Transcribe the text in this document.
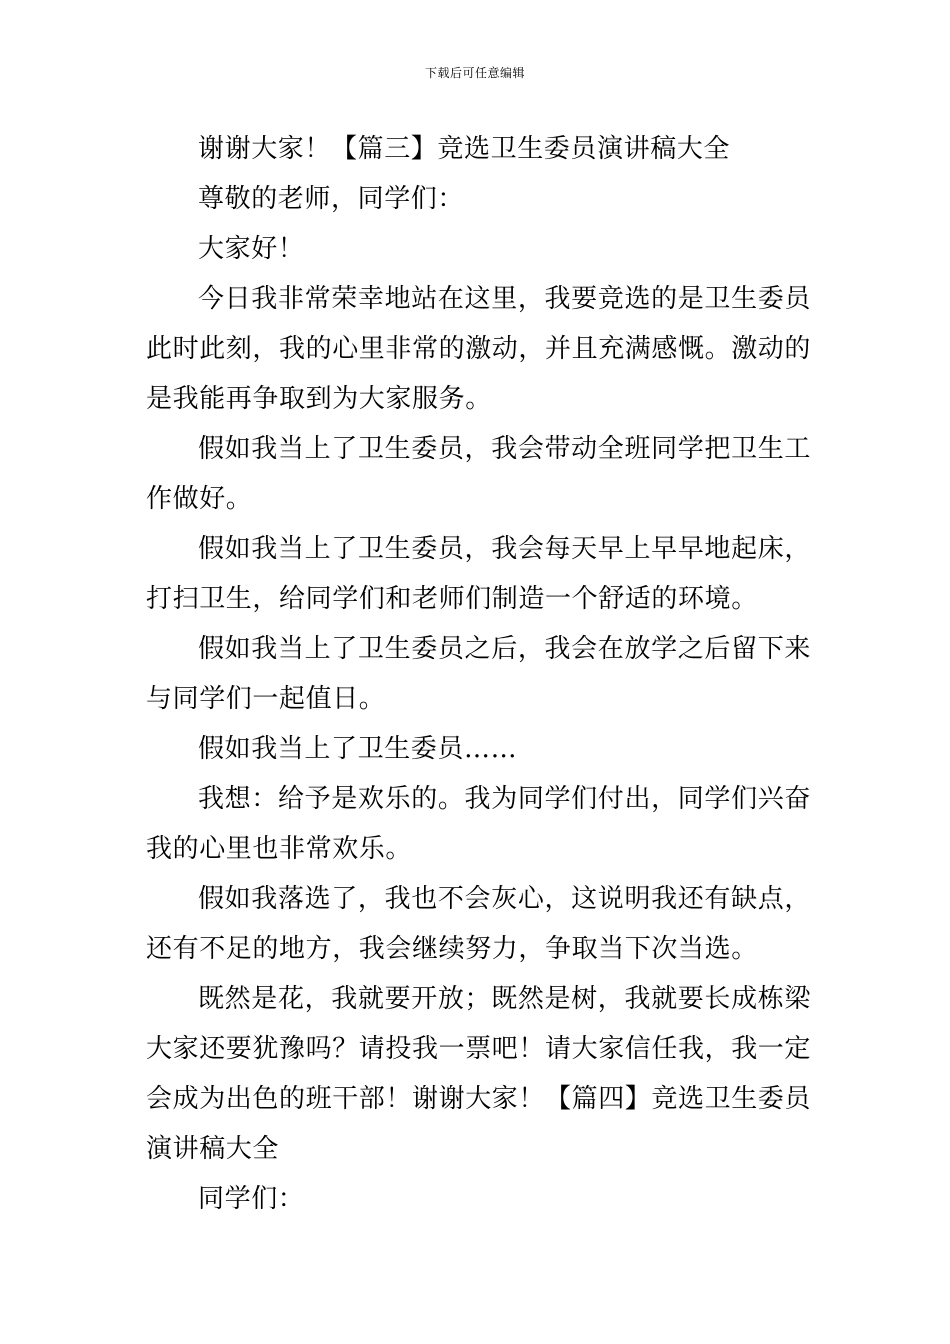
下载后可任意编辑

谢谢大家！【篇三】竞选卫生委员演讲稿大全

尊敬的老师，同学们：

大家好！

今日我非常荣幸地站在这里，我要竞选的是卫生委员此时此刻，我的心里非常的激动，并且充满感慨。激动的是我能再争取到为大家服务。

假如我当上了卫生委员，我会带动全班同学把卫生工作做好。

假如我当上了卫生委员，我会每天早上早早地起床，打扫卫生，给同学们和老师们制造一个舒适的环境。

假如我当上了卫生委员之后，我会在放学之后留下来与同学们一起值日。

假如我当上了卫生委员……

我想：给予是欢乐的。我为同学们付出，同学们兴奋我的心里也非常欢乐。

假如我落选了，我也不会灰心，这说明我还有缺点，还有不足的地方，我会继续努力，争取当下次当选。

既然是花，我就要开放；既然是树，我就要长成栋梁大家还要犹豫吗？请投我一票吧！请大家信任我，我一定会成为出色的班干部！谢谢大家！【篇四】竞选卫生委员演讲稿大全

同学们：
